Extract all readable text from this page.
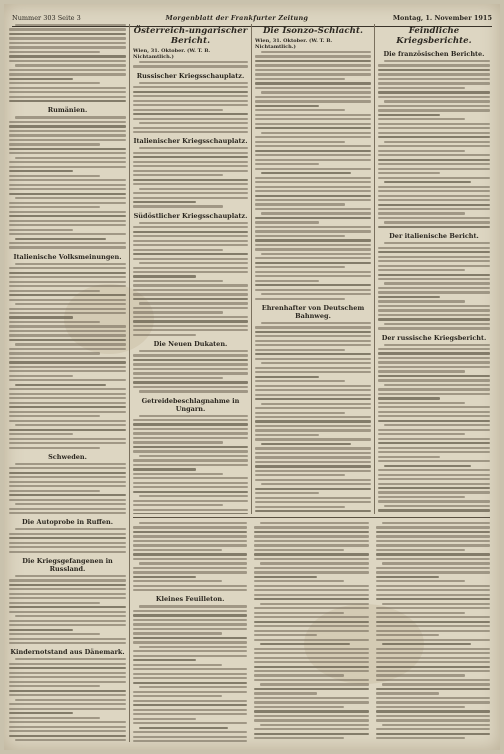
Nummer 303 Seite 3	Morgenblatt der Frankfurter Zeitung	Montag, 1. November 1915
Rumänien.
Italienische Volksmeinungen.
Schweden.
Die Autoprobe in Ruffen.
Die Kriegsgefangenen in Russland.
Kindernotstand aus Dänemark.
Österreich-ungarischer Bericht.
Wien, 31. Oktober. (W. T. B. Nichtamtlich.)
Russischer Kriegsschauplatz.
Italienischer Kriegsschauplatz.
Südöstlicher Kriegsschauplatz.
Die Neuen Dukaten.
Getreidebeschlagnahme in Ungarn.
Die Isonzo-Schlacht.
Wien, 31. Oktober. (W. T. B. Nichtamtlich.)
Ehrenhafter von Deutschem Bahnweg.
Feindliche Kriegsberichte.
Die französischen Berichte.
Der italienische Bericht.
Der russische Kriegsbericht.
Kleines Feuilleton.
